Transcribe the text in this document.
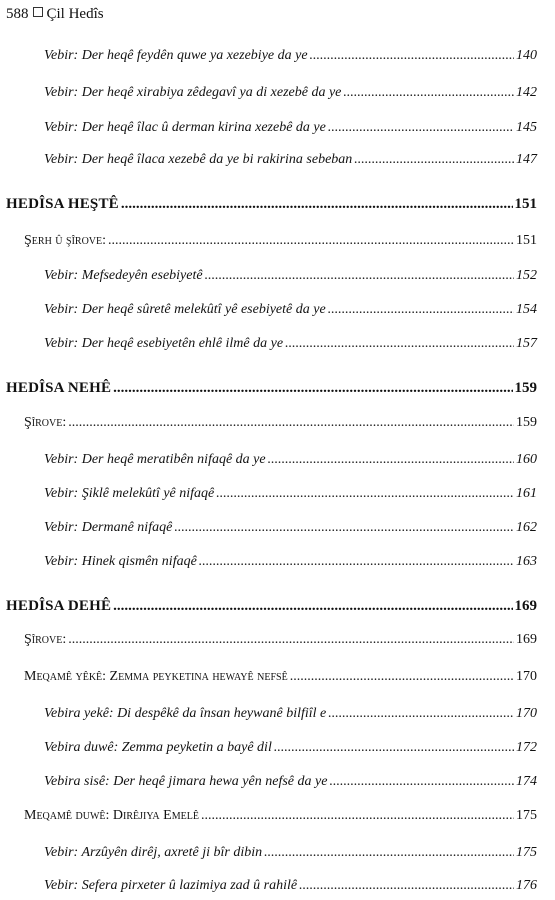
588 Çil Hedîs
Vebir: Der heqê feydên quwe ya xezebiye da ye .....	140
Vebir: Der heqê xirabiya zêdegavî ya di xezebê da ye .....	142
Vebir: Der heqê îlac û derman kirina xezebê da ye .....	145
Vebir: Der heqê îlaca xezebê da ye bi rakirina sebeban .....	147
HEDÎSA HEŞTÊ .....	151
Şerh û şîrove: .....	151
Vebir: Mefsedeyên esebiyetê .....	152
Vebir: Der heqê sûretê melekûtî yê esebiyetê da ye .....	154
Vebir: Der heqê esebiyetên ehlê ilmê da ye .....	157
HEDÎSA NEHÊ .....	159
Şîrove: .....	159
Vebir: Der heqê meratibên nifaqê da ye .....	160
Vebir: Şiklê melekûtî yê nifaqê .....	161
Vebir: Dermanê nifaqê .....	162
Vebir: Hinek qismên nifaqê .....	163
HEDÎSA DEHÊ .....	169
Şîrove: .....	169
Meqamê yêkê: Zemma peyketina hewayê nefsê .....	170
Vebira yekê: Di despêkê da însan heywanê bilfiîl e .....	170
Vebira duwê: Zemma peyketin a bayê dil .....	172
Vebira sisê: Der heqê jimara hewa yên nefsê da ye .....	174
Meqamê duwê: Dirêjiya Emelê .....	175
Vebir: Arzûyên dirêj, axretê ji bîr dibin .....	175
Vebir: Sefera pirxeter û lazimiya zad û rahilê .....	176
